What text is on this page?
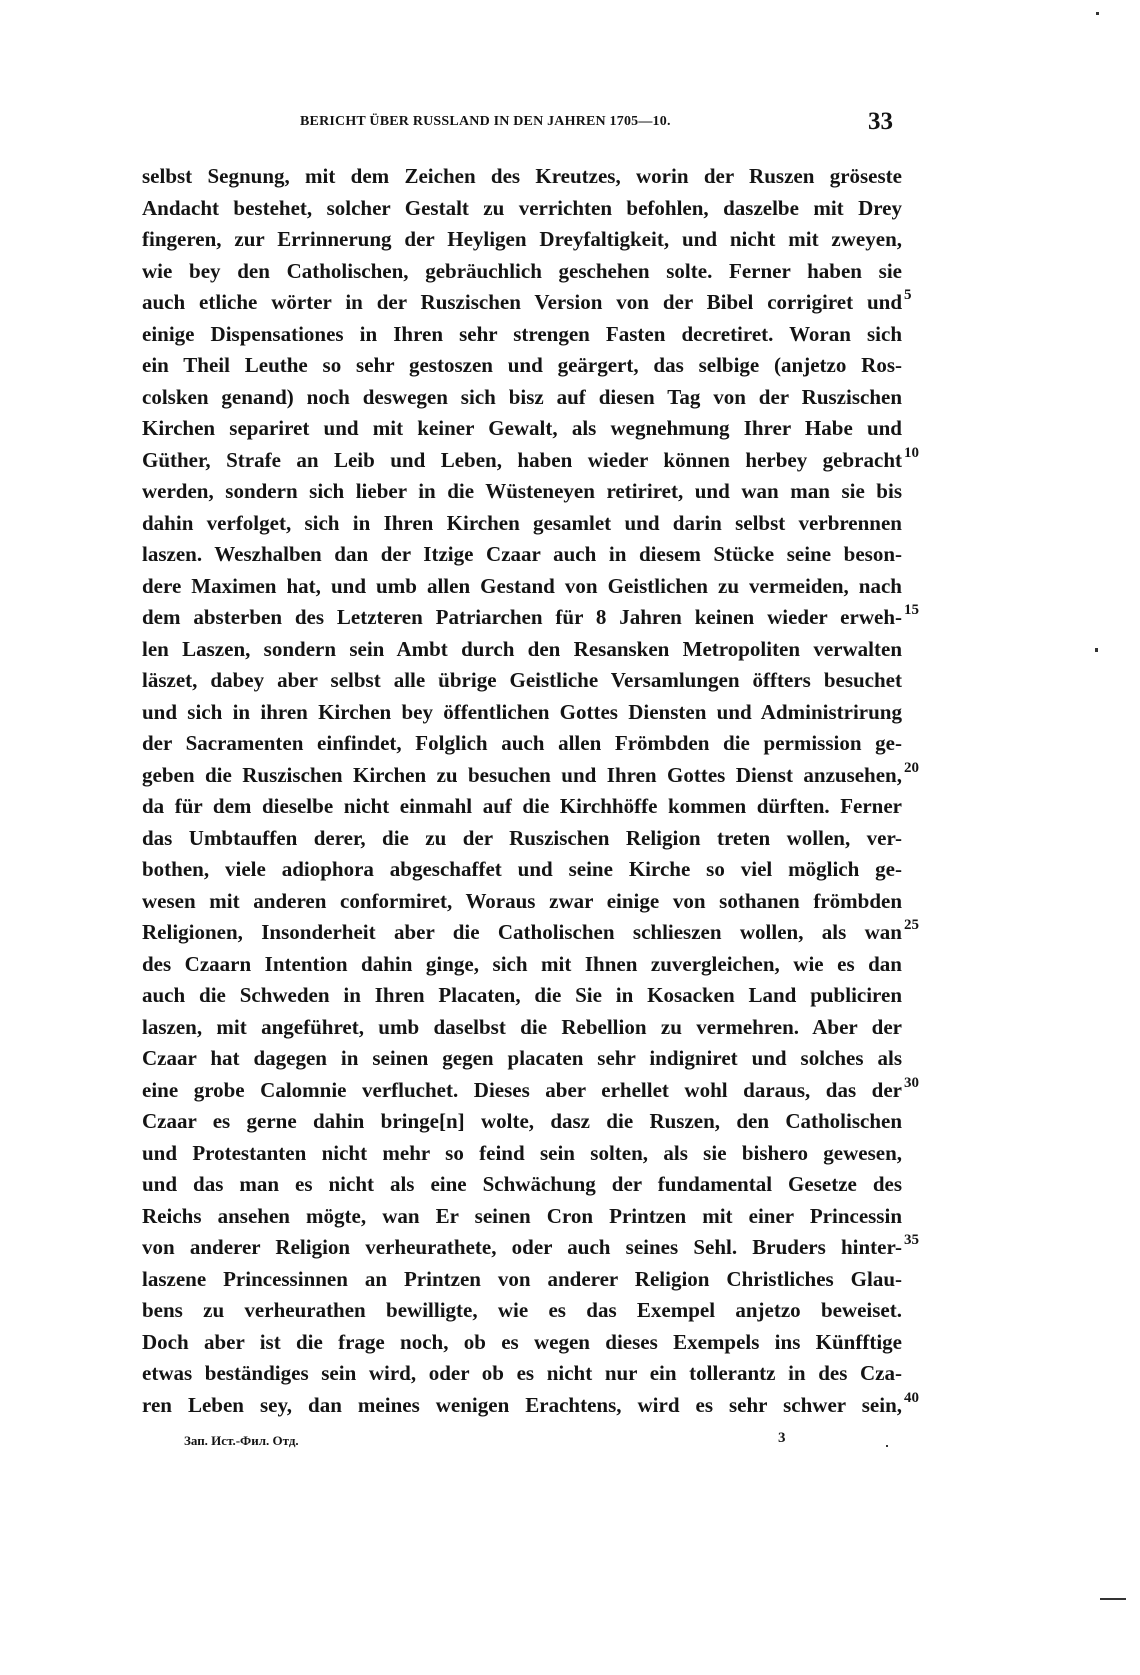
BERICHT ÜBER RUSSLAND IN DEN JAHREN 1705—10.	33
selbst Segnung, mit dem Zeichen des Kreutzes, worin der Ruszen gröseste
Andacht bestehet, solcher Gestalt zu verrichten befohlen, daszelbe mit Drey
fingeren, zur Errinnerung der Heyligen Dreyfaltigkeit, und nicht mit zweyen,
wie bey den Catholischen, gebräuchlich geschehen solte. Ferner haben sie
auch etliche wörter in der Ruszischen Version von der Bibel corrigiret und
einige Dispensationes in Ihren sehr strengen Fasten decretiret. Woran sich
ein Theil Leuthe so sehr gestoszen und geärgert, das selbige (anjetzo Ros-
colsken genand) noch deswegen sich bisz auf diesen Tag von der Ruszischen
Kirchen separiret und mit keiner Gewalt, als wegnehmung Ihrer Habe und
Güther, Strafe an Leib und Leben, haben wieder können herbey gebracht
werden, sondern sich lieber in die Wüsteneyen retiriret, und wan man sie bis
dahin verfolget, sich in Ihren Kirchen gesamlet und darin selbst verbrennen
laszen. Weszhalben dan der Itzige Czaar auch in diesem Stücke seine beson-
dere Maximen hat, und umb allen Gestand von Geistlichen zu vermeiden, nach
dem absterben des Letzteren Patriarchen für 8 Jahren keinen wieder erweh-
len Laszen, sondern sein Ambt durch den Resansken Metropoliten verwalten
läszet, dabey aber selbst alle übrige Geistliche Versamlungen öffters besuchet
und sich in ihren Kirchen bey öffentlichen Gottes Diensten und Administrirung
der Sacramenten einfindet, Folglich auch allen Frömbden die permission ge-
geben die Ruszischen Kirchen zu besuchen und Ihren Gottes Dienst anzusehen,
da für dem dieselbe nicht einmahl auf die Kirchhöffe kommen dürften. Ferner
das Umbtauffen derer, die zu der Ruszischen Religion treten wollen, ver-
bothen, viele adiophora abgeschaffet und seine Kirche so viel möglich ge-
wesen mit anderen conformiret, Woraus zwar einige von sothanen frömbden
Religionen, Insonderheit aber die Catholischen schlieszen wollen, als wan
des Czaarn Intention dahin ginge, sich mit Ihnen zuvergleichen, wie es dan
auch die Schweden in Ihren Placaten, die Sie in Kosacken Land publiciren
laszen, mit angeführet, umb daselbst die Rebellion zu vermehren. Aber der
Czaar hat dagegen in seinen gegen placaten sehr indigniret und solches als
eine grobe Calomnie verfluchet. Dieses aber erhellet wohl daraus, das der
Czaar es gerne dahin bringe[n] wolte, dasz die Ruszen, den Catholischen
und Protestanten nicht mehr so feind sein solten, als sie bishero gewesen,
und das man es nicht als eine Schwächung der fundamental Gesetze des
Reichs ansehen mögte, wan Er seinen Cron Printzen mit einer Princessin
von anderer Religion verheurathete, oder auch seines Sehl. Bruders hinter-
laszene Princessinnen an Printzen von anderer Religion Christliches Glau-
bens zu verheurathen bewilligte, wie es das Exempel anjetzo beweiset.
Doch aber ist die frage noch, ob es wegen dieses Exempels ins Künfftige
etwas beständiges sein wird, oder ob es nicht nur ein tollerantz in des Cza-
ren Leben sey, dan meines wenigen Erachtens, wird es sehr schwer sein,
5
10
15
20
25
30
35
40
Зап. Ист.-Фил. Отд.	3
